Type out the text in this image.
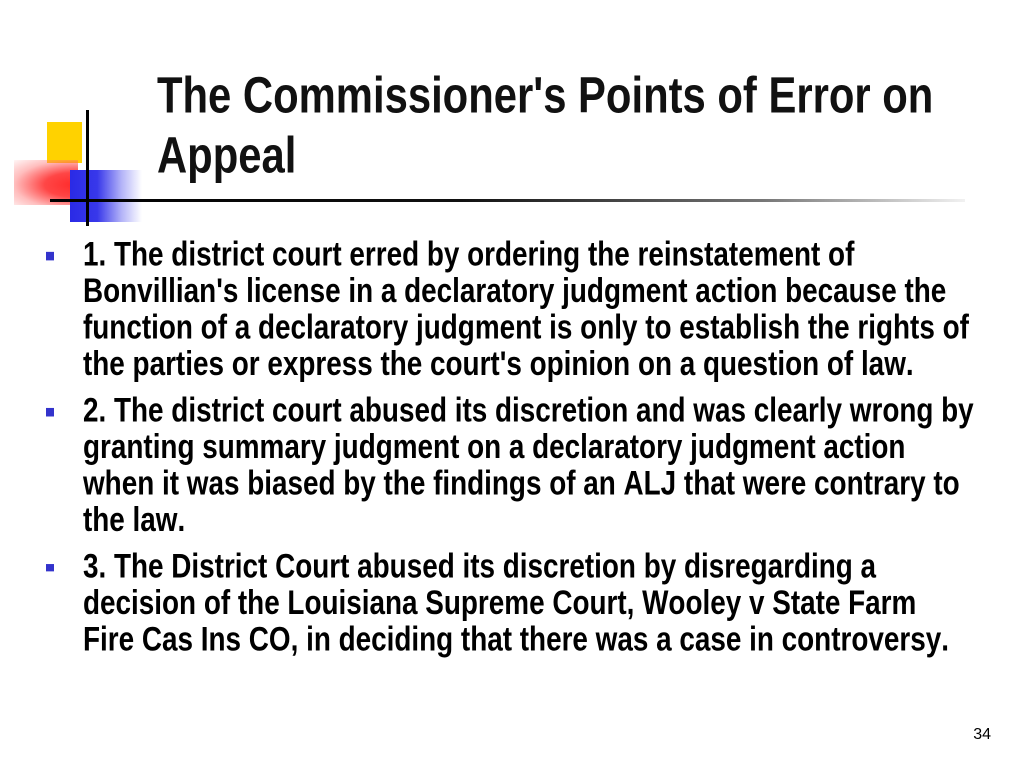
The Commissioner's Points of Error on Appeal
1. The district court erred by ordering the reinstatement of Bonvillian's license in a declaratory judgment action because the function of a declaratory judgment is only to establish the rights of the parties or express the court's opinion on a question of law.
2. The district court abused its discretion and was clearly wrong by granting summary judgment on a declaratory judgment action when it was biased by the findings of an ALJ that were contrary to the law.
3. The District Court abused its discretion by disregarding a decision of the Louisiana Supreme Court, Wooley v State Farm Fire Cas Ins CO, in deciding that there was a case in controversy.
34
